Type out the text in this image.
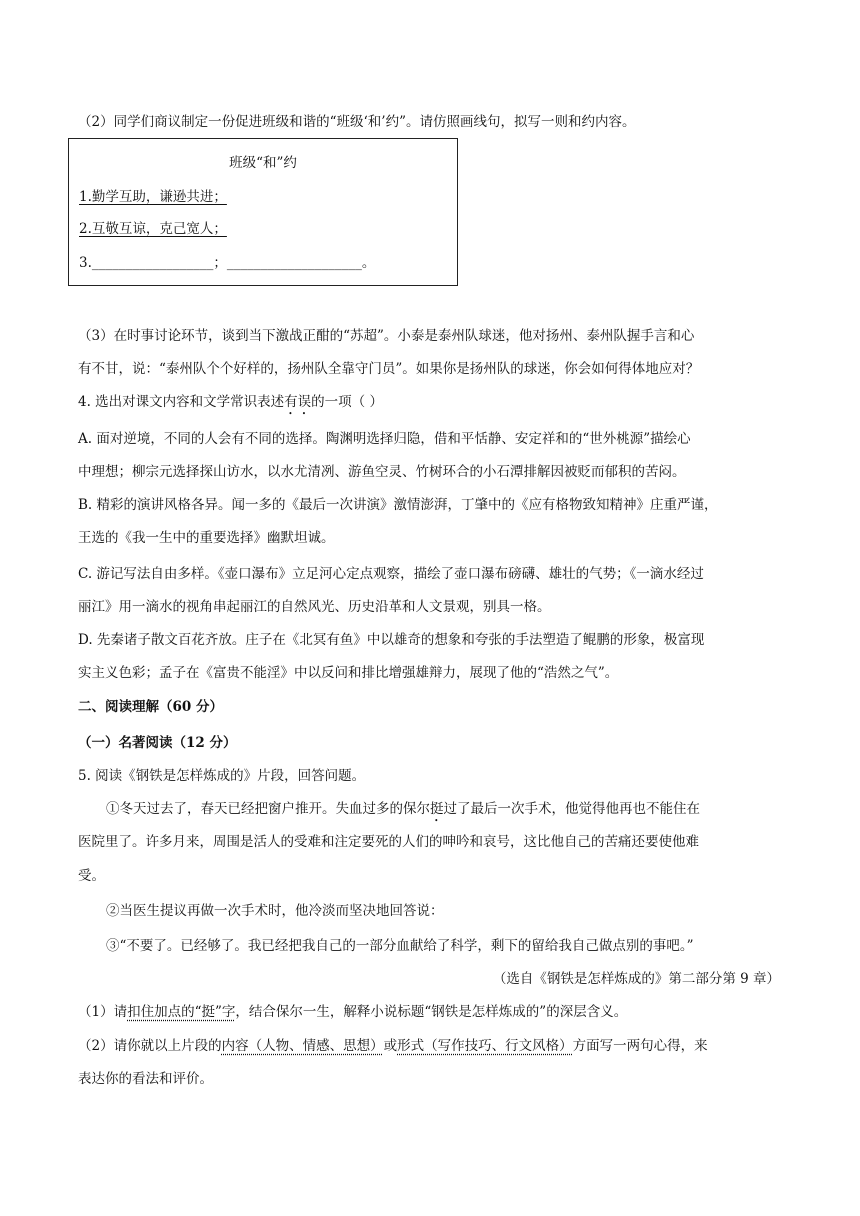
（2）同学们商议制定一份促进班级和谐的“班级‘和’约”。请仿照画线句，拟写一则和约内容。
班级“和”约
1.勤学互助，谦逊共进；
2.互敬互谅，克己宽人；
3.__________________；____________________。
（3）在时事讨论环节，谈到当下激战正酣的“苏超”。小泰是泰州队球迷，他对扬州、泰州队握手言和心
有不甘，说：“泰州队个个好样的，扬州队全靠守门员”。如果你是扬州队的球迷，你会如何得体地应对？
4. 选出对课文内容和文学常识表述有误的一项（ ）
A. 面对逆境，不同的人会有不同的选择。陶渊明选择归隐，借和平恬静、安定祥和的“世外桃源”描绘心
中理想；柳宗元选择探山访水，以水尤清冽、游鱼空灵、竹树环合的小石潭排解因被贬而郁积的苦闷。
B. 精彩的演讲风格各异。闻一多的《最后一次讲演》激情澎湃，丁肇中的《应有格物致知精神》庄重严谨，
王选的《我一生中的重要选择》幽默坦诚。
C. 游记写法自由多样。《壶口瀑布》立足河心定点观察，描绘了壶口瀑布磅礴、雄壮的气势；《一滴水经过
丽江》用一滴水的视角串起丽江的自然风光、历史沿革和人文景观，别具一格。
D. 先秦诸子散文百花齐放。庄子在《北冥有鱼》中以雄奇的想象和夸张的手法塑造了鲲鹏的形象，极富现
实主义色彩；孟子在《富贵不能淫》中以反问和排比增强雄辩力，展现了他的“浩然之气”。
二、阅读理解（60 分）
（一）名著阅读（12 分）
5. 阅读《钢铁是怎样炼成的》片段，回答问题。
①冬天过去了，春天已经把窗户推开。失血过多的保尔挺过了最后一次手术，他觉得他再也不能住在
医院里了。许多月来，周围是活人的受难和注定要死的人们的呻吟和哀号，这比他自己的苦痛还要使他难
受。
②当医生提议再做一次手术时，他冷淡而坚决地回答说：
③“不要了。已经够了。我已经把我自己的一部分血献给了科学，剩下的留给我自己做点别的事吧。”
（选自《钢铁是怎样炼成的》第二部分第 9 章）
（1）请扣住加点的“挺”字，结合保尔一生，解释小说标题“钢铁是怎样炼成的”的深层含义。
（2）请你就以上片段的内容（人物、情感、思想）或形式（写作技巧、行文风格）方面写一两句心得，来
表达你的看法和评价。
